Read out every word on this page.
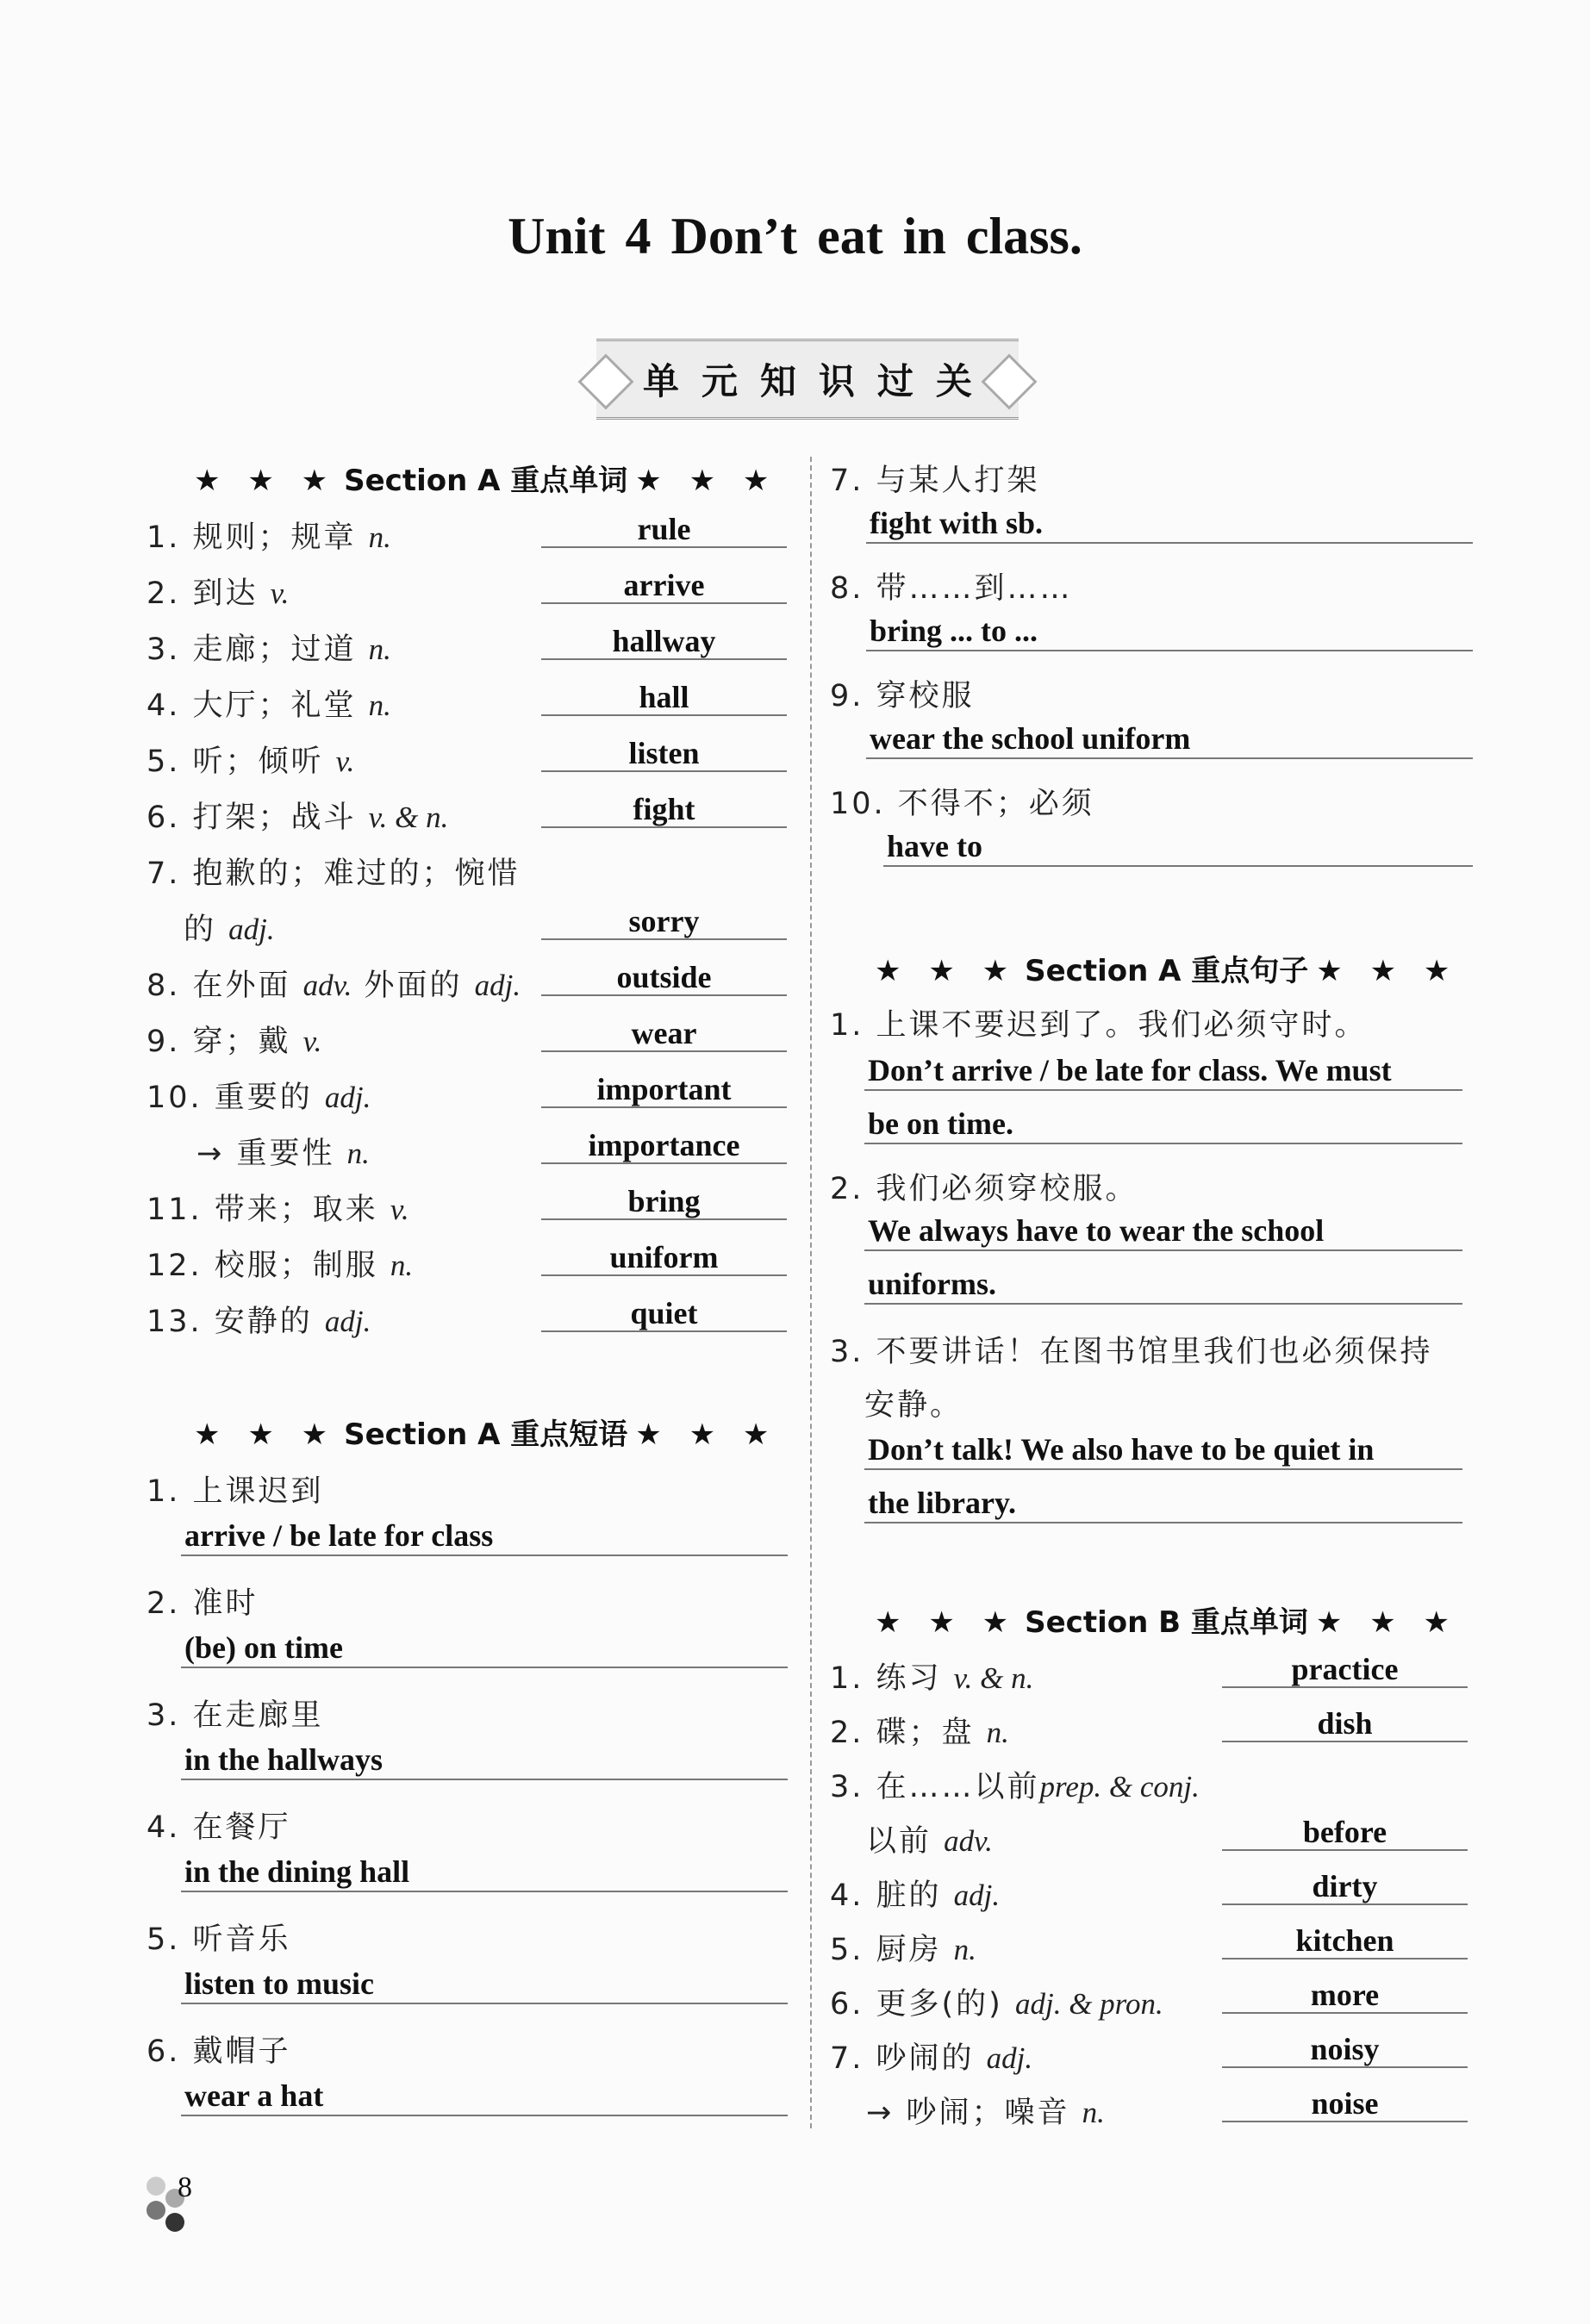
Unit 4 Don’t eat in class.
单元知识过关
★ ★ ★ Section A 重点单词 ★ ★ ★
1. 规则；规章 n.	rule
2. 到达 v.	arrive
3. 走廊；过道 n.	hallway
4. 大厅；礼堂 n.	hall
5. 听；倾听 v.	listen
6. 打架；战斗 v. & n.	fight
7. 抱歉的；难过的；惋惜
的 adj.	sorry
8. 在外面 adv. 外面的 adj.	outside
9. 穿；戴 v.	wear
10. 重要的 adj.	important
→ 重要性 n.	importance
11. 带来；取来 v.	bring
12. 校服；制服 n.	uniform
13. 安静的 adj.	quiet
★ ★ ★ Section A 重点短语 ★ ★ ★
1. 上课迟到
arrive / be late for class
2. 准时
(be) on time
3. 在走廊里
in the hallways
4. 在餐厅
in the dining hall
5. 听音乐
listen to music
6. 戴帽子
wear a hat
7. 与某人打架
fight with sb.
8. 带……到……
bring ... to ...
9. 穿校服
wear the school uniform
10. 不得不；必须
have to
★ ★ ★ Section A 重点句子 ★ ★ ★
1. 上课不要迟到了。我们必须守时。
Don’t arrive / be late for class. We must
be on time.
2. 我们必须穿校服。
We always have to wear the school
uniforms.
3. 不要讲话！在图书馆里我们也必须保持
安静。
Don’t talk! We also have to be quiet in
the library.
★ ★ ★ Section B 重点单词 ★ ★ ★
1. 练习 v. & n.	practice
2. 碟；盘 n.	dish
3. 在……以前prep. & conj.
以前 adv.	before
4. 脏的 adj.	dirty
5. 厨房 n.	kitchen
6. 更多(的) adj. & pron.	more
7. 吵闹的 adj.	noisy
→ 吵闹；噪音 n.	noise
8
